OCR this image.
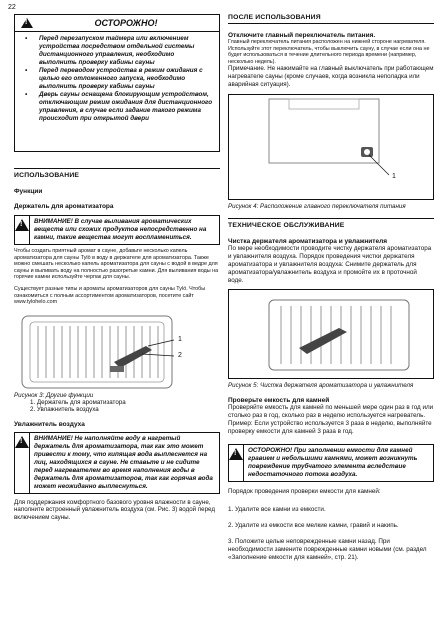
22
!
ОСТОРОЖНО!
• Перед перезапуском таймера или включением устройства посредством отдельной системы дистанционного управления, необходимо выполнить проверку кабины сауны
• Перед переводом устройства в режим ожидания с целью его отложенного запуска, необходимо выполнить проверку кабины сауны
• Дверь сауны оснащена блокирующим устройством, отключающим режим ожидания для дистанционного управления, в случае если задание такого режима происходит при открытой двери
ИСПОЛЬЗОВАНИЕ
Функции
Держатель для ароматизатора
!
ВНИМАНИЕ! В случае выливания ароматических веществ или схожих продуктов непосредственно на камни, такие вещества могут воспламениться.
Чтобы создать приятный аромат в сауне, добавьте несколько капель ароматизатора для сауны Tylö в воду в держателе для ароматизатора. Также можно смешать несколько капель ароматизатора для сауны с водой в ведре для сауны и выливать воду на полностью разогретые камни. Для выливания воды на горячие камни используйте черпак для сауны.
Существует разные типы и ароматы ароматизаторов для сауны Tylö. Чтобы ознакомиться с полным ассортиментом ароматизаторов, посетите сайт www.tylohelo.com
1
2
Рисунок 3: Другие функции
1. Держатель для ароматизатора
2. Увлажнитель воздуха
Увлажнитель воздуха
!
ВНИМАНИЕ! Не наполняйте воду в нагретый держатель для ароматизатора, так как это может привести к тому, что кипящая вода выплеснется на лиц, находящихся в сауне. Не ставьте и не сидите перед нагревателем во время наполнения воды в держатель для ароматизаторов, так как горячая вода может неожиданно выплеснуться.
Для поддержания комфортного базового уровня влажности в сауне, наполните встроенный увлажнитель воздуха (см. Рис. 3) водой перед включением сауны.
ПОСЛЕ ИСПОЛЬЗОВАНИЯ
Отключите главный переключатель питания.
Главный переключатель питания расположен на нижней стороне нагревателя.
Используйте этот переключатель, чтобы выключить сауну, в случае если она не будет использоваться в течение длительного периода времени (например, несколько недель).
Примечание. Не нажимайте на главный выключатель при работающем нагревателе сауны (кроме случаев, когда возникла неполадка или аварийная ситуация).
1
Рисунок 4: Расположение главного переключателя питания
ТЕХНИЧЕСКОЕ ОБСЛУЖИВАНИЕ
Чистка держателя ароматизатора и увлажнителя
По мере необходимости проводите чистку держателя ароматизатора и увлажнителя воздуха. Порядок проведения чистки держателя ароматизатора и увлажнителя воздуха: Снимите держатель для ароматизатора/увлажнитель воздуха и промойте их в проточной воде.
Рисунок 5: Чистка держателя ароматизатора и увлажнителя
Проверьте емкость для камней
Проверяйте емкость для камней по меньшей мере один раз в год или столько раз в год, сколько раз в неделю используется нагреватель.
Пример: Если устройство используется 3 раза в неделю, выполняйте проверку емкости для камней 3 раза в год.
!
ОСТОРОЖНО! При заполнении емкости для камней гравием и небольшими камнями, может возникнуть повреждение трубчатого элемента вследствие недостаточного потока воздуха.
Порядок проведения проверки емкости для камней:
1. Удалите все камни из емкости.
2. Удалите из емкости все мелкие камни, гравий и накипь.
3. Положите целые неповрежденные камни назад. При необходимости замените поврежденные камни новыми (см. раздел «Заполнение емкости для камней», стр. 21).
